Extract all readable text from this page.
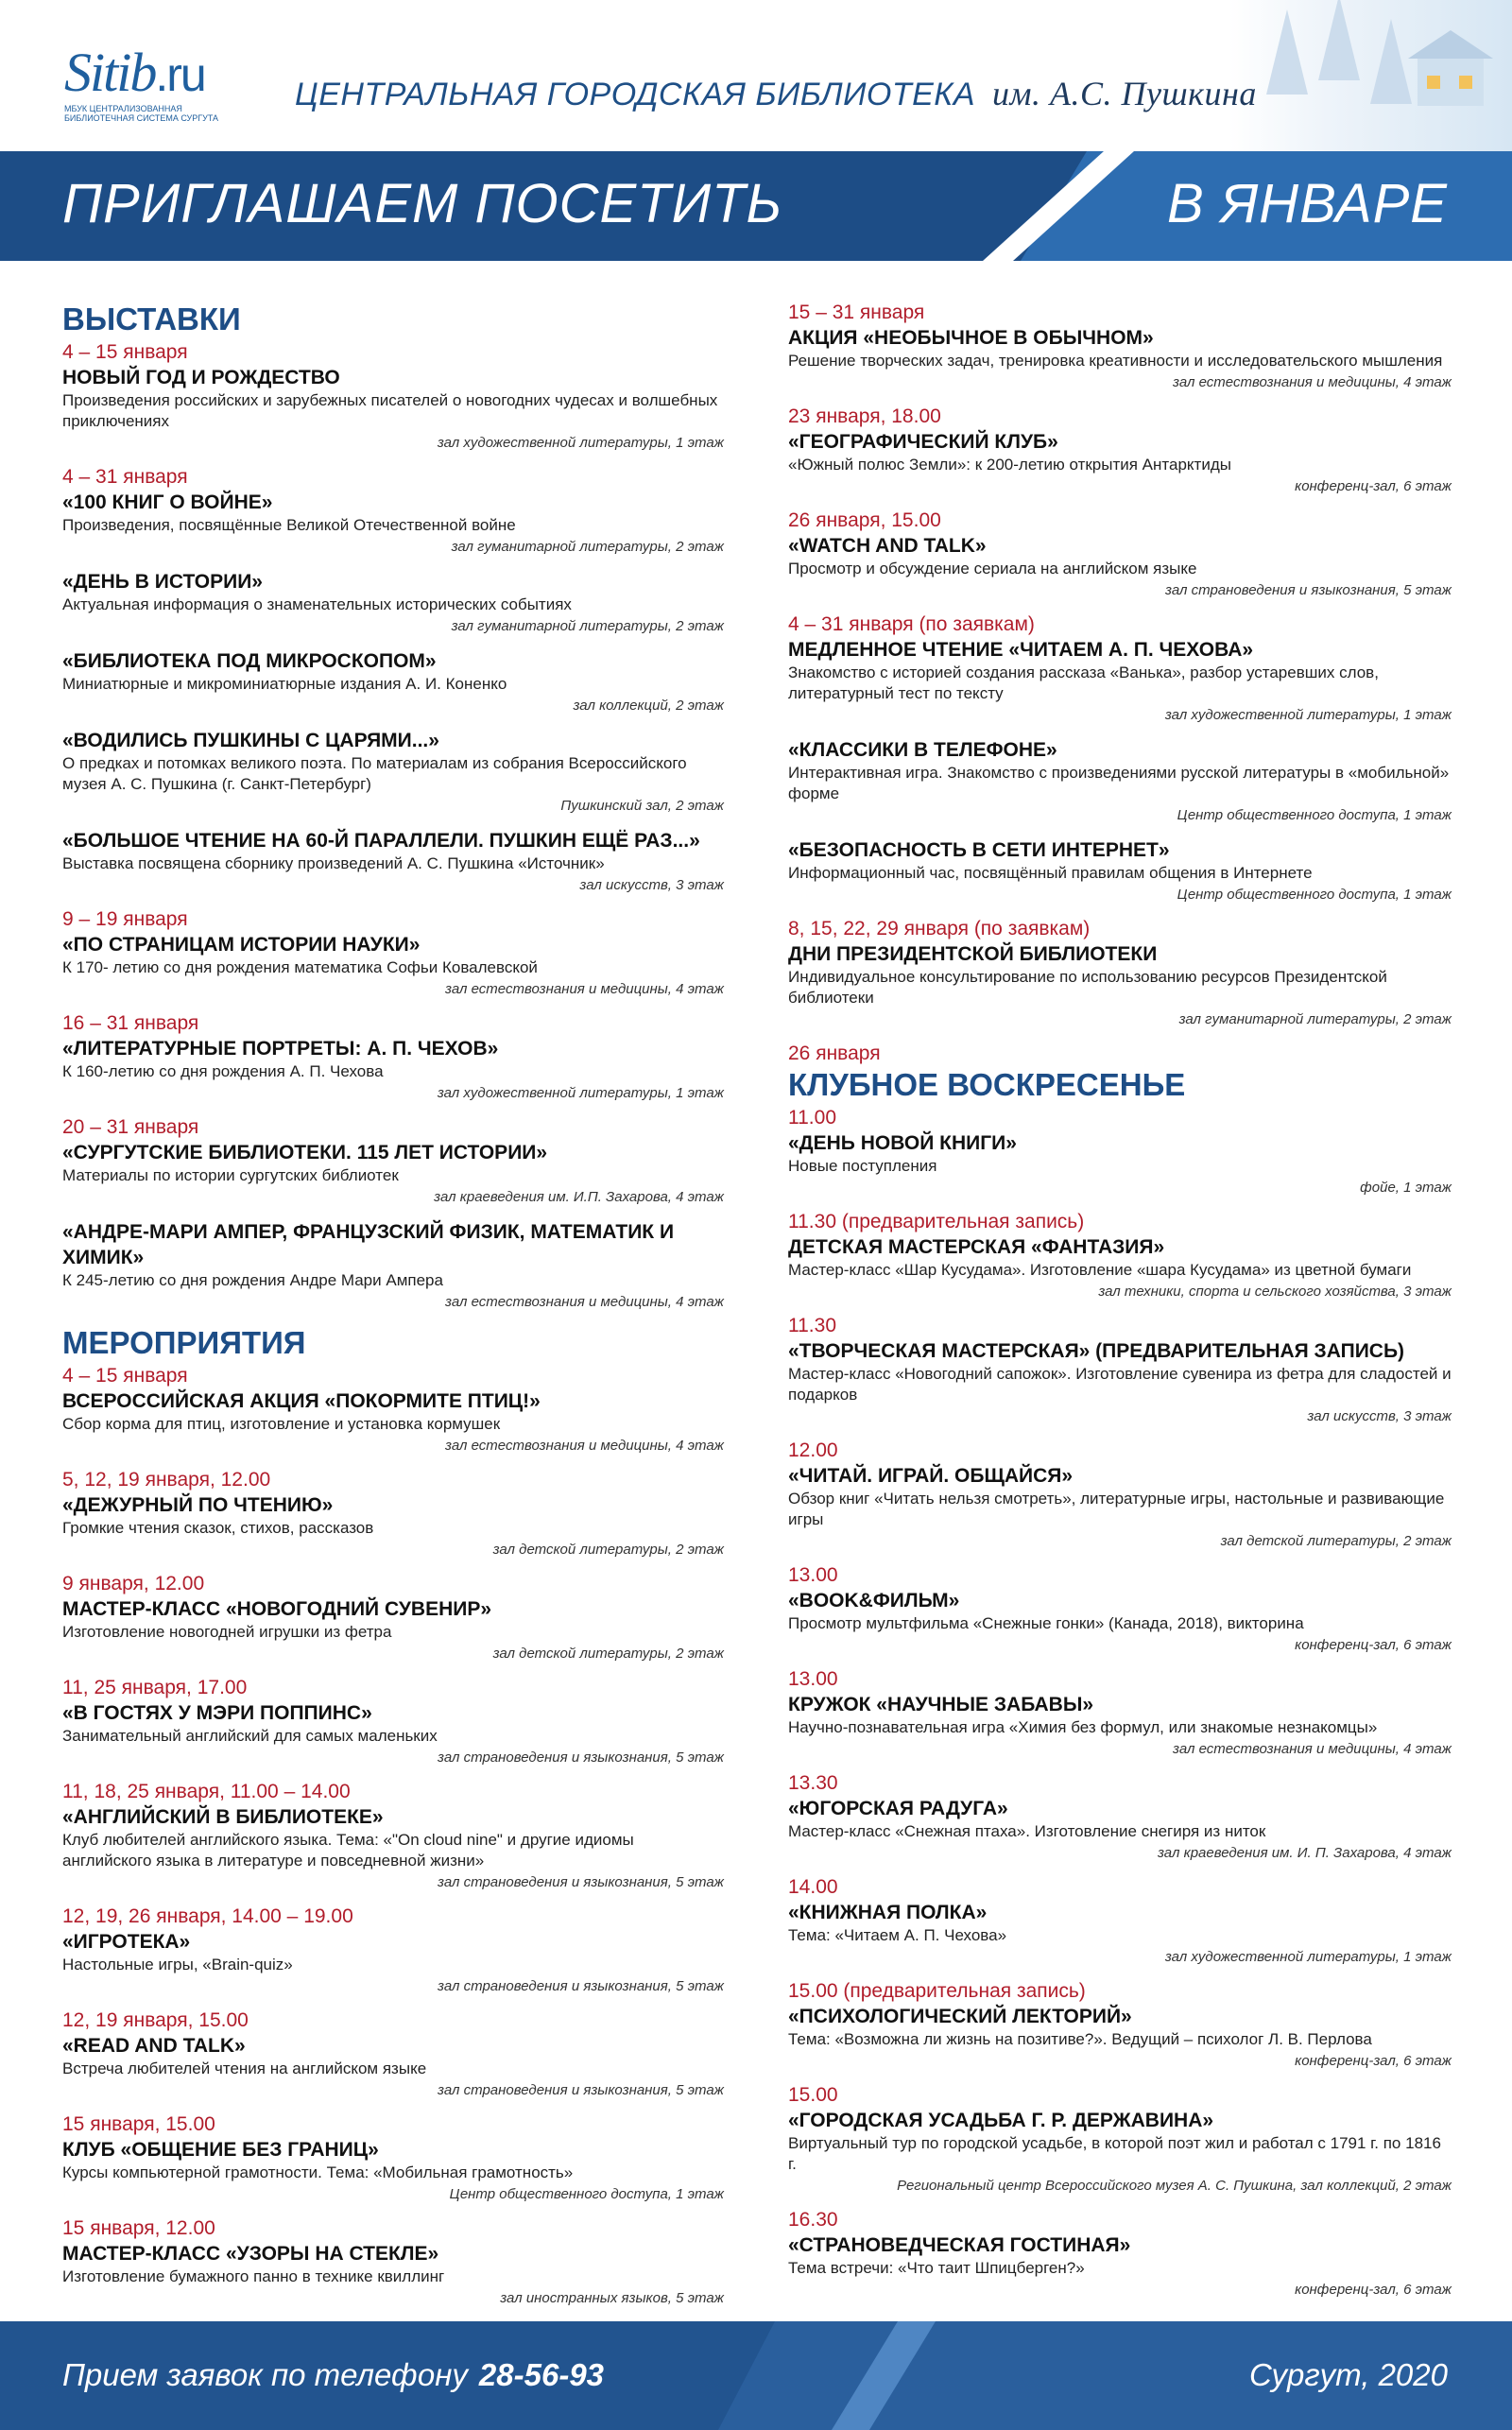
Sitib.ru
МБУК ЦЕНТРАЛИЗОВАННАЯ БИБЛИОТЕЧНАЯ СИСТЕМА СУРГУТА
ЦЕНТРАЛЬНАЯ ГОРОДСКАЯ БИБЛИОТЕКА им. А.С. Пушкина
ПРИГЛАШАЕМ ПОСЕТИТЬ	В ЯНВАРЕ
ВЫСТАВКИ
4 – 15 января
НОВЫЙ ГОД И РОЖДЕСТВО
Произведения российских и зарубежных писателей о новогодних чудесах и волшебных приключениях
зал художественной литературы, 1 этаж
4 – 31 января
«100 КНИГ О ВОЙНЕ»
Произведения, посвящённые Великой Отечественной войне
зал гуманитарной литературы, 2 этаж
«ДЕНЬ В ИСТОРИИ»
Актуальная информация о знаменательных исторических событиях
зал гуманитарной литературы, 2 этаж
«БИБЛИОТЕКА ПОД МИКРОСКОПОМ»
Миниатюрные и микроминиатюрные издания А. И. Коненко
зал коллекций, 2 этаж
«ВОДИЛИСЬ ПУШКИНЫ С ЦАРЯМИ...»
О предках и потомках великого поэта. По материалам из собрания Всероссийского музея А. С. Пушкина (г. Санкт-Петербург)
Пушкинский зал, 2 этаж
«БОЛЬШОЕ ЧТЕНИЕ НА 60-Й ПАРАЛЛЕЛИ. ПУШКИН ЕЩЁ РАЗ...»
Выставка посвящена сборнику произведений А. С. Пушкина «Источник»
зал искусств, 3 этаж
9 – 19 января
«ПО СТРАНИЦАМ ИСТОРИИ НАУКИ»
К 170- летию со дня рождения математика Софьи Ковалевской
зал естествознания и медицины, 4 этаж
16 – 31 января
«ЛИТЕРАТУРНЫЕ ПОРТРЕТЫ: А. П. ЧЕХОВ»
К 160-летию со дня рождения А. П. Чехова
зал художественной литературы, 1 этаж
20 – 31 января
«СУРГУТСКИЕ БИБЛИОТЕКИ. 115 ЛЕТ ИСТОРИИ»
Материалы по истории сургутских библиотек
зал краеведения им. И.П. Захарова, 4 этаж
«АНДРЕ-МАРИ АМПЕР, ФРАНЦУЗСКИЙ ФИЗИК, МАТЕМАТИК И ХИМИК»
К 245-летию со дня рождения Андре Мари Ампера
зал естествознания и медицины, 4 этаж
МЕРОПРИЯТИЯ
4 – 15 января
ВСЕРОССИЙСКАЯ АКЦИЯ «ПОКОРМИТЕ ПТИЦ!»
Сбор корма для птиц, изготовление и установка кормушек
зал естествознания и медицины, 4 этаж
5, 12, 19 января, 12.00
«ДЕЖУРНЫЙ ПО ЧТЕНИЮ»
Громкие чтения сказок, стихов, рассказов
зал детской литературы, 2 этаж
9 января, 12.00
МАСТЕР-КЛАСС «НОВОГОДНИЙ СУВЕНИР»
Изготовление новогодней игрушки из фетра
зал детской литературы, 2 этаж
11, 25 января, 17.00
«В ГОСТЯХ У МЭРИ ПОППИНС»
Занимательный английский для самых маленьких
зал страноведения и языкознания, 5 этаж
11, 18, 25 января, 11.00 – 14.00
«АНГЛИЙСКИЙ В БИБЛИОТЕКЕ»
Клуб любителей английского языка. Тема: «"On cloud nine" и другие идиомы английского языка в литературе и повседневной жизни»
зал страноведения и языкознания, 5 этаж
12, 19, 26 января, 14.00 – 19.00
«ИГРОТЕКА»
Настольные игры, «Brain-quiz»
зал страноведения и языкознания, 5 этаж
12, 19 января, 15.00
«READ AND TALK»
Встреча любителей чтения на английском языке
зал страноведения и языкознания, 5 этаж
15 января, 15.00
КЛУБ «ОБЩЕНИЕ БЕЗ ГРАНИЦ»
Курсы компьютерной грамотности. Тема: «Мобильная грамотность»
Центр общественного доступа, 1 этаж
15 января, 12.00
МАСТЕР-КЛАСС «УЗОРЫ НА СТЕКЛЕ»
Изготовление бумажного панно в технике квиллинг
зал иностранных языков, 5 этаж
15 – 31 января
АКЦИЯ «НЕОБЫЧНОЕ В ОБЫЧНОМ»
Решение творческих задач, тренировка креативности и исследовательского мышления
зал естествознания и медицины, 4 этаж
23 января, 18.00
«ГЕОГРАФИЧЕСКИЙ КЛУБ»
«Южный полюс Земли»: к 200-летию открытия Антарктиды
конференц-зал, 6 этаж
26 января, 15.00
«WATCH AND TALK»
Просмотр и обсуждение сериала на английском языке
зал страноведения и языкознания, 5 этаж
4 – 31 января (по заявкам)
МЕДЛЕННОЕ ЧТЕНИЕ «ЧИТАЕМ А. П. ЧЕХОВА»
Знакомство с историей создания рассказа «Ванька», разбор устаревших слов, литературный тест по тексту
зал художественной литературы, 1 этаж
«КЛАССИКИ В ТЕЛЕФОНЕ»
Интерактивная игра. Знакомство с произведениями русской литературы в «мобильной» форме
Центр общественного доступа, 1 этаж
«БЕЗОПАСНОСТЬ В СЕТИ ИНТЕРНЕТ»
Информационный час, посвящённый правилам общения в Интернете
Центр общественного доступа, 1 этаж
8, 15, 22, 29 января (по заявкам)
ДНИ ПРЕЗИДЕНТСКОЙ БИБЛИОТЕКИ
Индивидуальное консультирование по использованию ресурсов Президентской библиотеки
зал гуманитарной литературы, 2 этаж
26 января
КЛУБНОЕ ВОСКРЕСЕНЬЕ
11.00
«ДЕНЬ НОВОЙ КНИГИ»
Новые поступления
фойе, 1 этаж
11.30 (предварительная запись)
ДЕТСКАЯ МАСТЕРСКАЯ «ФАНТАЗИЯ»
Мастер-класс «Шар Кусудама». Изготовление «шара Кусудама» из цветной бумаги
зал техники, спорта и сельского хозяйства, 3 этаж
11.30
«ТВОРЧЕСКАЯ МАСТЕРСКАЯ» (ПРЕДВАРИТЕЛЬНАЯ ЗАПИСЬ)
Мастер-класс «Новогодний сапожок». Изготовление сувенира из фетра для сладостей и подарков
зал искусств, 3 этаж
12.00
«ЧИТАЙ. ИГРАЙ. ОБЩАЙСЯ»
Обзор книг «Читать нельзя смотреть», литературные игры, настольные и развивающие игры
зал детской литературы, 2 этаж
13.00
«BOOK&ФИЛЬМ»
Просмотр мультфильма «Снежные гонки» (Канада, 2018), викторина
конференц-зал, 6 этаж
13.00
КРУЖОК «НАУЧНЫЕ ЗАБАВЫ»
Научно-познавательная игра «Химия без формул, или знакомые незнакомцы»
зал естествознания и медицины, 4 этаж
13.30
«ЮГОРСКАЯ РАДУГА»
Мастер-класс «Снежная птаха». Изготовление снегиря из ниток
зал краеведения им. И. П. Захарова, 4 этаж
14.00
«КНИЖНАЯ ПОЛКА»
Тема: «Читаем А. П. Чехова»
зал художественной литературы, 1 этаж
15.00 (предварительная запись)
«ПСИХОЛОГИЧЕСКИЙ ЛЕКТОРИЙ»
Тема: «Возможна ли жизнь на позитиве?». Ведущий – психолог Л. В. Перлова
конференц-зал, 6 этаж
15.00
«ГОРОДСКАЯ УСАДЬБА Г. Р. ДЕРЖАВИНА»
Виртуальный тур по городской усадьбе, в которой поэт жил и работал с 1791 г. по 1816 г.
Региональный центр Всероссийского музея А. С. Пушкина, зал коллекций, 2 этаж
16.30
«СТРАНОВЕДЧЕСКАЯ ГОСТИНАЯ»
Тема встречи: «Что таит Шпицберген?»
конференц-зал, 6 этаж
Прием заявок по телефону 28-56-93	Сургут, 2020
